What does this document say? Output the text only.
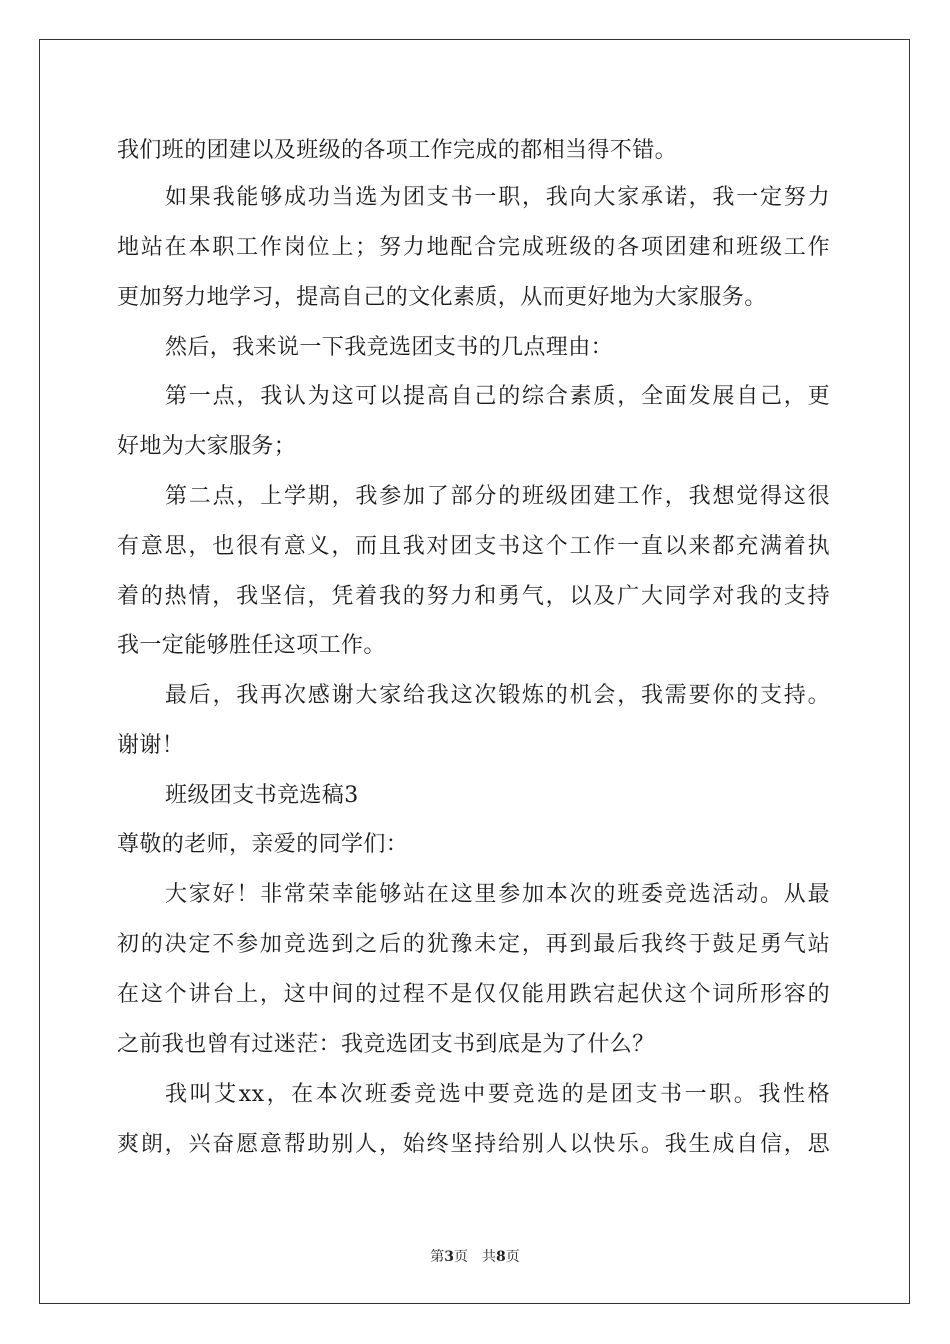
我们班的团建以及班级的各项工作完成的都相当得不错。
如果我能够成功当选为团支书一职，我向大家承诺，我一定努力
地站在本职工作岗位上；努力地配合完成班级的各项团建和班级工作
更加努力地学习，提高自己的文化素质，从而更好地为大家服务。
然后，我来说一下我竞选团支书的几点理由：
第一点，我认为这可以提高自己的综合素质，全面发展自己，更
好地为大家服务；
第二点，上学期，我参加了部分的班级团建工作，我想觉得这很
有意思，也很有意义，而且我对团支书这个工作一直以来都充满着执
着的热情，我坚信，凭着我的努力和勇气，以及广大同学对我的支持
我一定能够胜任这项工作。
最后，我再次感谢大家给我这次锻炼的机会，我需要你的支持。
谢谢！
班级团支书竞选稿3
尊敬的老师，亲爱的同学们：
大家好！非常荣幸能够站在这里参加本次的班委竞选活动。从最
初的决定不参加竞选到之后的犹豫未定，再到最后我终于鼓足勇气站
在这个讲台上，这中间的过程不是仅仅能用跌宕起伏这个词所形容的
之前我也曾有过迷茫：我竞选团支书到底是为了什么？
我叫艾xx，在本次班委竞选中要竞选的是团支书一职。我性格
爽朗，兴奋愿意帮助别人，始终坚持给别人以快乐。我生成自信，思
第3页 共8页
